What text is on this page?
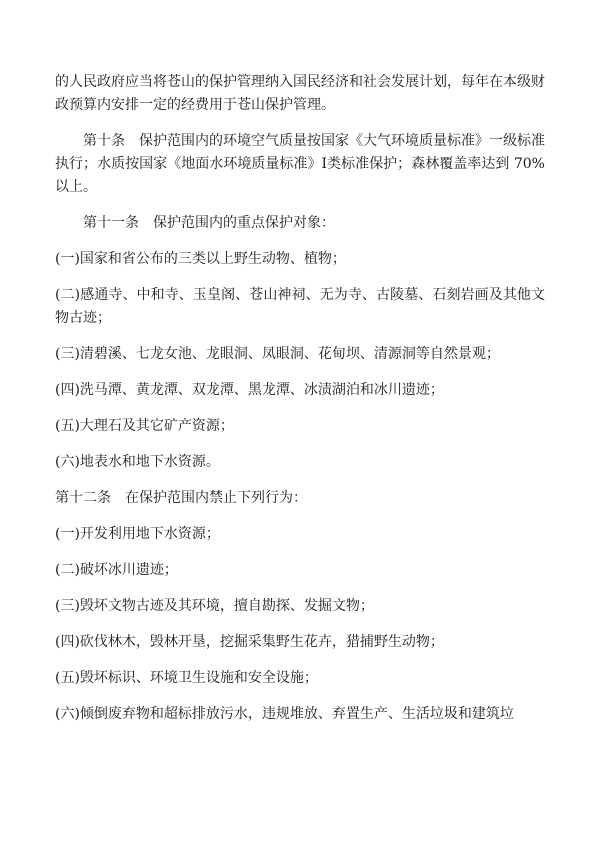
的人民政府应当将苍山的保护管理纳入国民经济和社会发展计划，每年在本级财政预算内安排一定的经费用于苍山保护管理。

第十条　保护范围内的环境空气质量按国家《大气环境质量标准》一级标准执行；水质按国家《地面水环境质量标准》Ⅰ类标准保护；森林覆盖率达到 70%以上。

第十一条　保护范围内的重点保护对象：

(一)国家和省公布的三类以上野生动物、植物；

(二)感通寺、中和寺、玉皇阁、苍山神祠、无为寺、古陵墓、石刻岩画及其他文物古迹；

(三)清碧溪、七龙女池、龙眼洞、凤眼洞、花甸坝、清源洞等自然景观；

(四)洗马潭、黄龙潭、双龙潭、黑龙潭、冰渍湖泊和冰川遗迹；

(五)大理石及其它矿产资源；

(六)地表水和地下水资源。

第十二条　在保护范围内禁止下列行为：

(一)开发利用地下水资源；

(二)破坏冰川遗迹；

(三)毁坏文物古迹及其环境，擅自勘探、发掘文物；

(四)砍伐林木，毁林开垦，挖掘采集野生花卉，猎捕野生动物；

(五)毁坏标识、环境卫生设施和安全设施；

(六)倾倒废弃物和超标排放污水，违规堆放、弃置生产、生活垃圾和建筑垃
